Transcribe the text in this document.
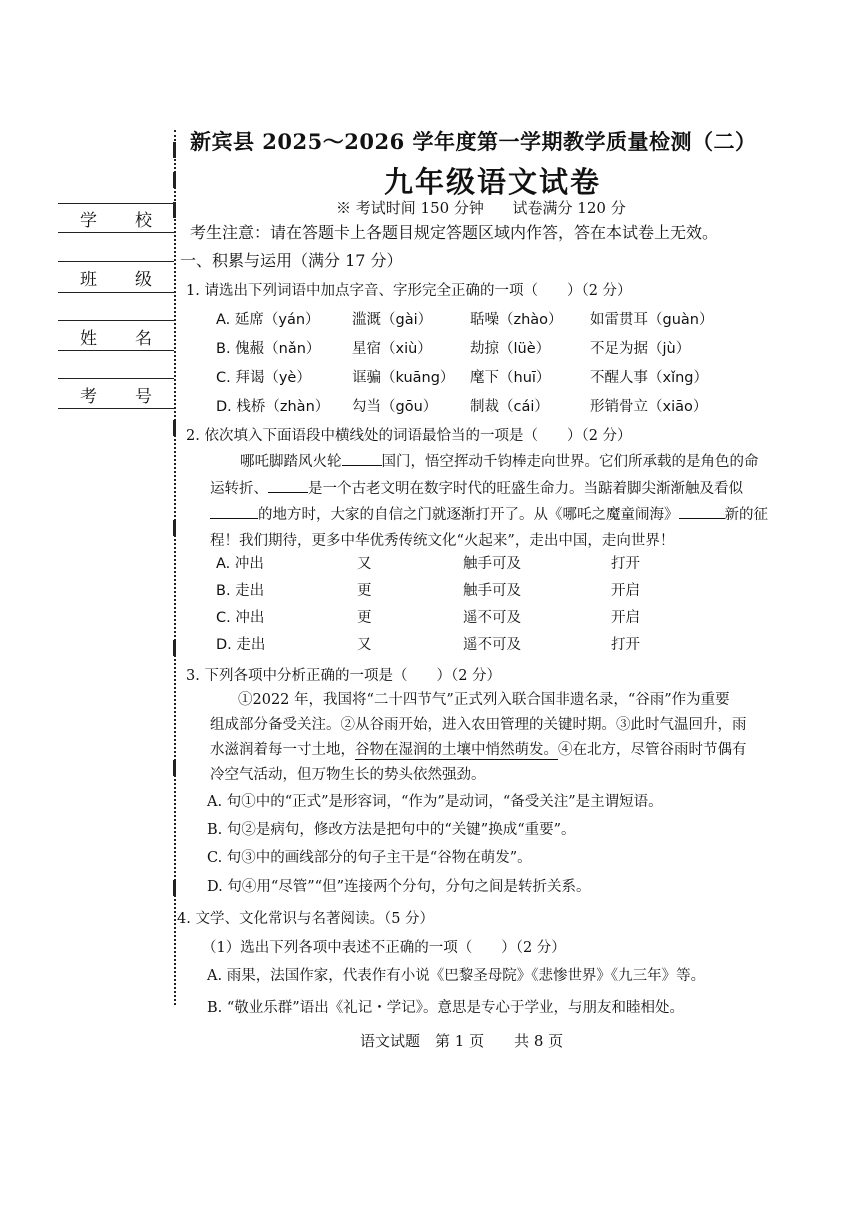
学 校
班 级
姓 名
考 号
新宾县 2025～2026 学年度第一学期教学质量检测（二）
九年级语文试卷
※ 考试时间 150 分钟      试卷满分 120 分
考生注意：请在答题卡上各题目规定答题区域内作答，答在本试卷上无效。
一、积累与运用（满分 17 分）
1. 请选出下列词语中加点字音、字形完全正确的一项（　　）（2 分）
A. 延席（yán） 滥溉（gài）	聒噪（zhào） 如雷贯耳（guàn）
B. 傀赧（nǎn） 星宿（xiù）	劫掠（lüè）	不足为据（jù）
C. 拜谒（yè）	诓骗（kuāng） 麾下（huī）	不醒人事（xǐng）
D. 栈桥（zhàn） 勾当（gōu） 制裁（cái）	形销骨立（xiāo）
2. 依次填入下面语段中横线处的词语最恰当的一项是（　　）（2 分）
哪吒脚踏风火轮	国门，悟空挥动千钧棒走向世界。它们所承载的是角色的命
运转折、	是一个古老文明在数字时代的旺盛生命力。当踮着脚尖渐渐触及看似
的地方时，大家的自信之门就逐渐打开了。从《哪吒之魔童闹海》	新的征
程！我们期待，更多中华优秀传统文化“火起来”，走出中国，走向世界！
A. 冲出	又	触手可及	打开
B. 走出	更	触手可及	开启
C. 冲出	更	遥不可及	开启
D. 走出	又	遥不可及	打开
3. 下列各项中分析正确的一项是（　　）（2 分）
①2022 年，我国将“二十四节气”正式列入联合国非遗名录，“谷雨”作为重要
组成部分备受关注。②从谷雨开始，进入农田管理的关键时期。③此时气温回升，雨
水滋润着每一寸土地，谷物在湿润的土壤中悄然萌发。④在北方，尽管谷雨时节偶有
冷空气活动，但万物生长的势头依然强劲。
A. 句①中的“正式”是形容词，“作为”是动词，“备受关注”是主谓短语。
B. 句②是病句，修改方法是把句中的“关键”换成“重要”。
C. 句③中的画线部分的句子主干是“谷物在萌发”。
D. 句④用“尽管”“但”连接两个分句，分句之间是转折关系。
4. 文学、文化常识与名著阅读。（5 分）
（1）选出下列各项中表述不正确的一项（　　）（2 分）
A. 雨果，法国作家，代表作有小说《巴黎圣母院》《悲惨世界》《九三年》等。
B. “敬业乐群”语出《礼记・学记》。意思是专心于学业，与朋友和睦相处。
语文试题　第 1 页　　共 8 页
